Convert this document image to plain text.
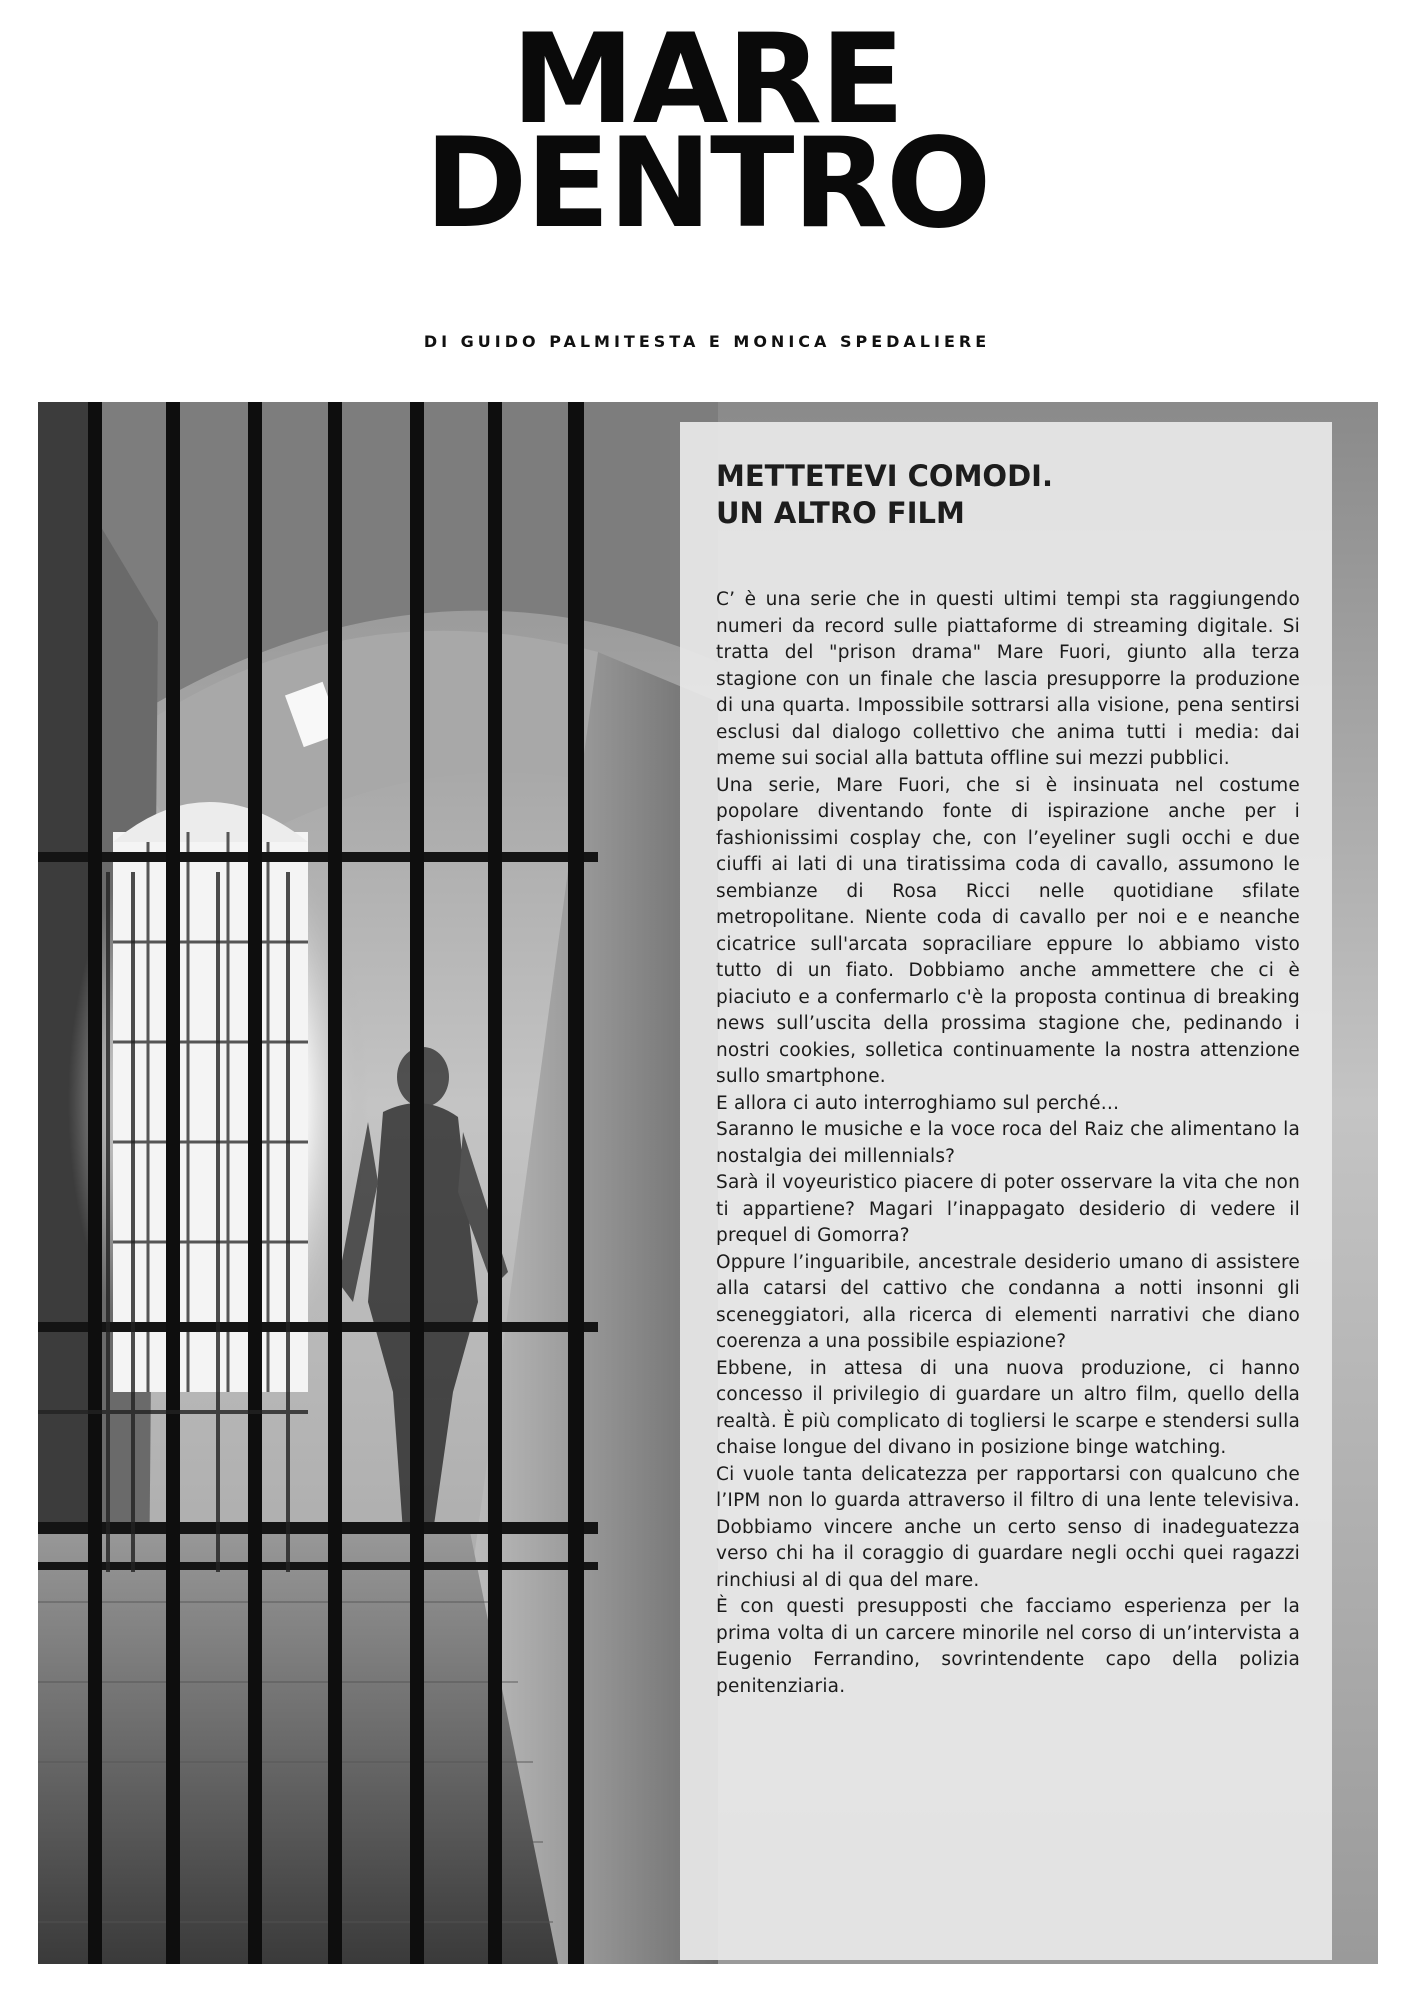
MARE
DENTRO
DI GUIDO PALMITESTA E MONICA SPEDALIERE
METTETEVI COMODI.
UN ALTRO FILM

C’ è una serie che in questi ultimi tempi sta raggiungendo numeri da record sulle piattaforme di streaming digitale. Si tratta del "prison drama" Mare Fuori, giunto alla terza stagione con un finale che lascia presupporre la produzione di una quarta. Impossibile sottrarsi alla visione, pena sentirsi esclusi dal dialogo collettivo che anima tutti i media: dai meme sui social alla battuta offline sui mezzi pubblici.

Una serie, Mare Fuori, che si è insinuata nel costume popolare diventando fonte di ispirazione anche per i fashionissimi cosplay che, con l’eyeliner sugli occhi e due ciuffi ai lati di una tiratissima coda di cavallo, assumono le sembianze di Rosa Ricci nelle quotidiane sfilate metropolitane. Niente coda di cavallo per noi e e neanche cicatrice sull'arcata sopraciliare eppure lo abbiamo visto tutto di un fiato. Dobbiamo anche ammettere che ci è piaciuto e a confermarlo c'è la proposta continua di breaking news sull’uscita della prossima stagione che, pedinando i nostri cookies, solletica continuamente la nostra attenzione sullo smartphone.

E allora ci auto interroghiamo sul perché…

Saranno le musiche e la voce roca del Raiz che alimentano la nostalgia dei millennials?

Sarà il voyeuristico piacere di poter osservare la vita che non ti appartiene? Magari l’inappagato desiderio di vedere il prequel di Gomorra?

Oppure l’inguaribile, ancestrale desiderio umano di assistere alla catarsi del cattivo che condanna a notti insonni gli sceneggiatori, alla ricerca di elementi narrativi che diano coerenza a una possibile espiazione?

Ebbene, in attesa di una nuova produzione, ci hanno concesso il privilegio di guardare un altro film, quello della realtà. È più complicato di togliersi le scarpe e stendersi sulla chaise longue del divano in posizione binge watching.

Ci vuole tanta delicatezza per rapportarsi con qualcuno che l’IPM non lo guarda attraverso il filtro di una lente televisiva. Dobbiamo vincere anche un certo senso di inadeguatezza verso chi ha il coraggio di guardare negli occhi quei ragazzi rinchiusi al di qua del mare.

È con questi presupposti che facciamo esperienza per la prima volta di un carcere minorile nel corso di un’intervista a Eugenio Ferrandino, sovrintendente capo della polizia penitenziaria.
